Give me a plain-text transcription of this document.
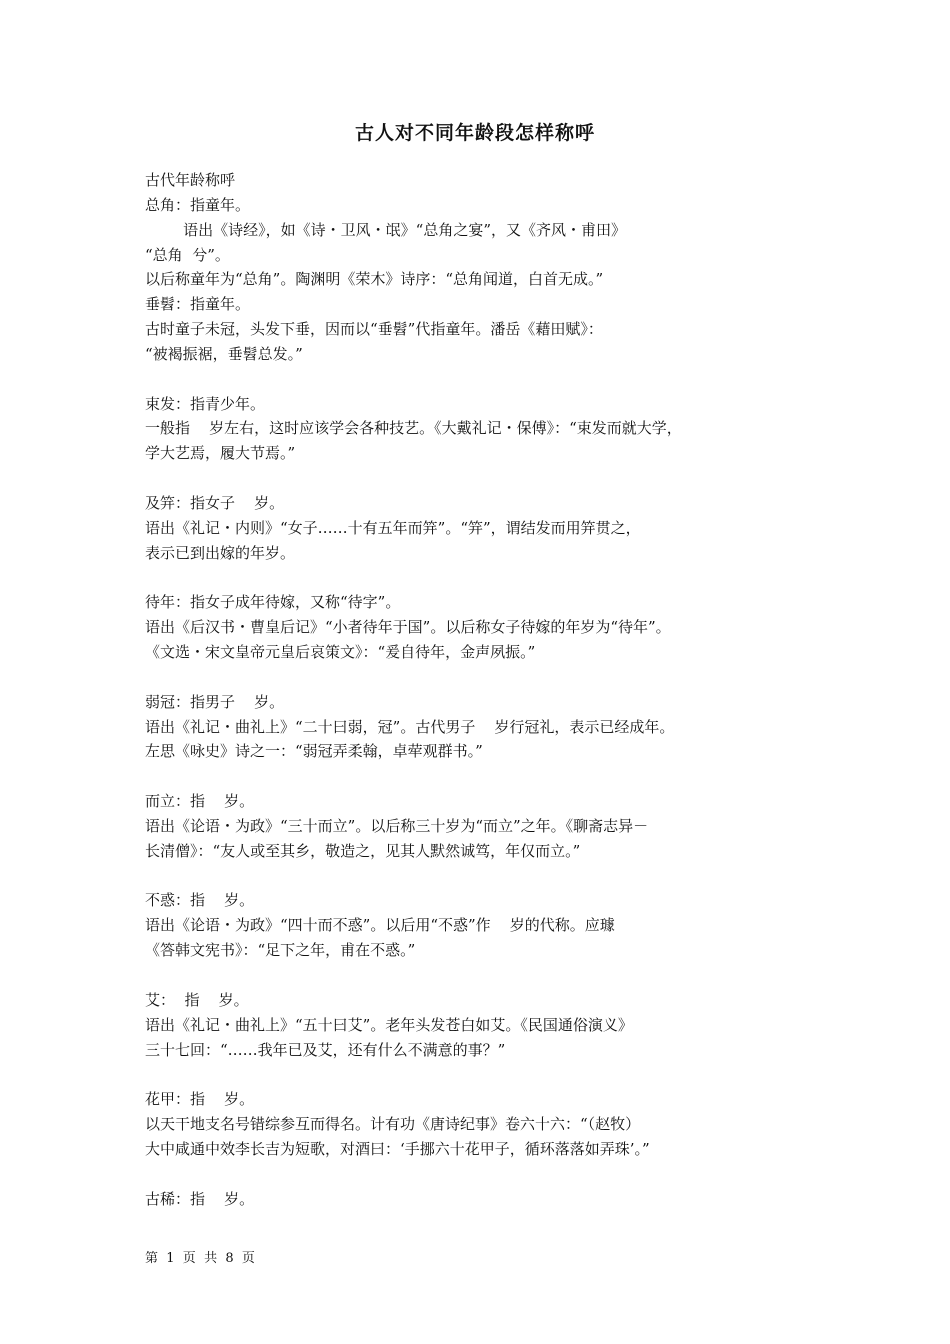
古人对不同年龄段怎样称呼
古代年龄称呼
总角：指童年。
语出《诗经》，如《诗・卫风・氓》“总角之宴”，又《齐风・甫田》
“总角  兮”。
以后称童年为“总角”。陶渊明《荣木》诗序：“总角闻道，白首无成。”
垂髫：指童年。
古时童子未冠，头发下垂，因而以“垂髫”代指童年。潘岳《藉田赋》：
“被褐振裾，垂髫总发。”
束发：指青少年。
一般指    岁左右，这时应该学会各种技艺。《大戴礼记・保傅》：“束发而就大学，
学大艺焉，履大节焉。”
及笄：指女子    岁。
语出《礼记・内则》“女子……十有五年而笄”。“笄”，谓结发而用笄贯之，
表示已到出嫁的年岁。
待年：指女子成年待嫁，又称“待字”。
语出《后汉书・曹皇后记》“小者待年于国”。以后称女子待嫁的年岁为“待年”。
《文选・宋文皇帝元皇后哀策文》：“爰自待年，金声夙振。”
弱冠：指男子    岁。
语出《礼记・曲礼上》“二十曰弱，冠”。古代男子    岁行冠礼，表示已经成年。
左思《咏史》诗之一：“弱冠弄柔翰，卓荦观群书。”
而立：指    岁。
语出《论语・为政》“三十而立”。以后称三十岁为“而立”之年。《聊斋志异－
长清僧》：“友人或至其乡，敬造之，见其人默然诚笃，年仅而立。”
不惑：指    岁。
语出《论语・为政》“四十而不惑”。以后用“不惑”作    岁的代称。应璩
《答韩文宪书》：“足下之年，甫在不惑。”
艾：  指    岁。
语出《礼记・曲礼上》“五十曰艾”。老年头发苍白如艾。《民国通俗演义》
三十七回：“……我年已及艾，还有什么不满意的事？”
花甲：指    岁。
以天干地支名号错综参互而得名。计有功《唐诗纪事》卷六十六：“（赵牧）
大中咸通中效李长吉为短歌，对酒曰：‘手挪六十花甲子，循环落落如弄珠’。”
古稀：指    岁。
第  1  页  共  8  页
